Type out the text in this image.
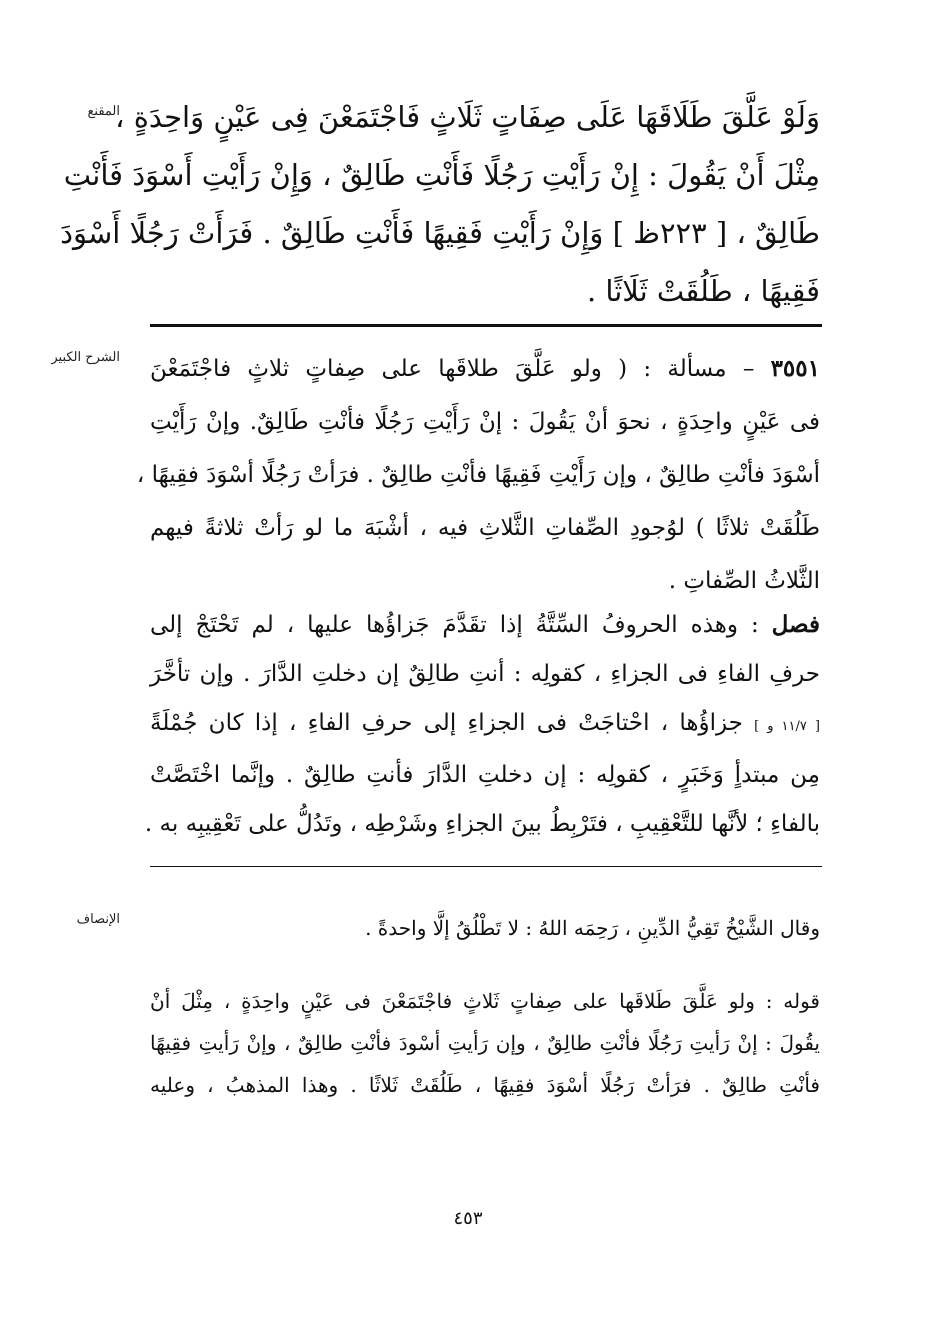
المقنع
الشرح الكبير
الإنصاف
وَلَوْ عَلَّقَ طَلَاقَهَا عَلَى صِفَاتٍ ثَلَاثٍ فَاجْتَمَعْنَ فِى عَيْنٍ وَاحِدَةٍ ،
مِثْلَ أَنْ يَقُولَ : إِنْ رَأَيْتِ رَجُلًا فَأَنْتِ طَالِقٌ ، وَإِنْ رَأَيْتِ أَسْوَدَ فَأَنْتِ
طَالِقٌ ، [ ٢٢٣ظ ] وَإِنْ رَأَيْتِ فَقِيهًا فَأَنْتِ طَالِقٌ . فَرَأَتْ رَجُلًا أَسْوَدَ
فَقِيهًا ، طَلُقَتْ ثَلَاثًا .
٣٥٥١ – مسألة : ( ولو عَلَّقَ طلاقَها على صِفاتٍ ثلاثٍ فاجْتَمَعْنَ
فى عَيْنٍ واحِدَةٍ ، نحوَ أنْ يَقُولَ : إنْ رَأَيْتِ رَجُلًا فأنْتِ طَالِقٌ. وإنْ رَأَيْتِ
أسْوَدَ فأنْتِ طالِقٌ ، وإن رَأَيْتِ فَقِيهًا فأنْتِ طالِقٌ . فرَأتْ رَجُلًا أسْوَدَ فقِيهًا ،
طَلُقَتْ ثلاثًا ) لوُجودِ الصِّفاتِ الثَّلاثِ فيه ، أشْبَهَ ما لو رَأتْ ثلاثةً فيهم
الثَّلاثُ الصِّفاتِ .
فصل : وهذه الحروفُ السِّتَّةُ إذا تقَدَّمَ جَزاؤُها عليها ، لم تَحْتَجْ إلى
حرفِ الفاءِ فى الجزاءِ ، كقولِه : أنتِ طالِقٌ إن دخلتِ الدَّارَ . وإن تأخَّرَ
[ ١١/٧ و ] جزاؤُها ، احْتاجَتْ فى الجزاءِ إلى حرفِ الفاءِ ، إذا كان جُمْلَةً
مِن مبتدأٍ وَخَبَرٍ ، كقولِه : إن دخلتِ الدَّارَ فأنتِ طالِقٌ . وإنَّما اخْتَصَّتْ
بالفاءِ ؛ لأنَّها للتَّعْقِيبِ ، فتَرْبِطُ بينَ الجزاءِ وشَرْطِه ، وتَدُلُّ على تَعْقِيبِه به .
وقال الشَّيْخُ تَقِيُّ الدِّينِ ، رَحِمَه اللهُ : لا تَطْلُقُ إلَّا واحدةً .
قوله : ولو عَلَّقَ طَلاقَها على صِفاتٍ ثَلاثٍ فاجْتَمَعْنَ فى عَيْنٍ واحِدَةٍ ، مِثْلَ أنْ
يقُولَ : إنْ رَأيتِ رَجُلًا فأنْتِ طالِقٌ ، وإن رَأيتِ أسْودَ فأنْتِ طالِقٌ ، وإنْ رَأيتِ فقِيهًا
فأنْتِ طالِقٌ . فرَأتْ رَجُلًا أسْوَدَ فقِيهًا ، طَلُقَتْ ثَلاثًا . وهذا المذهبُ ، وعليه
٤٥٣
